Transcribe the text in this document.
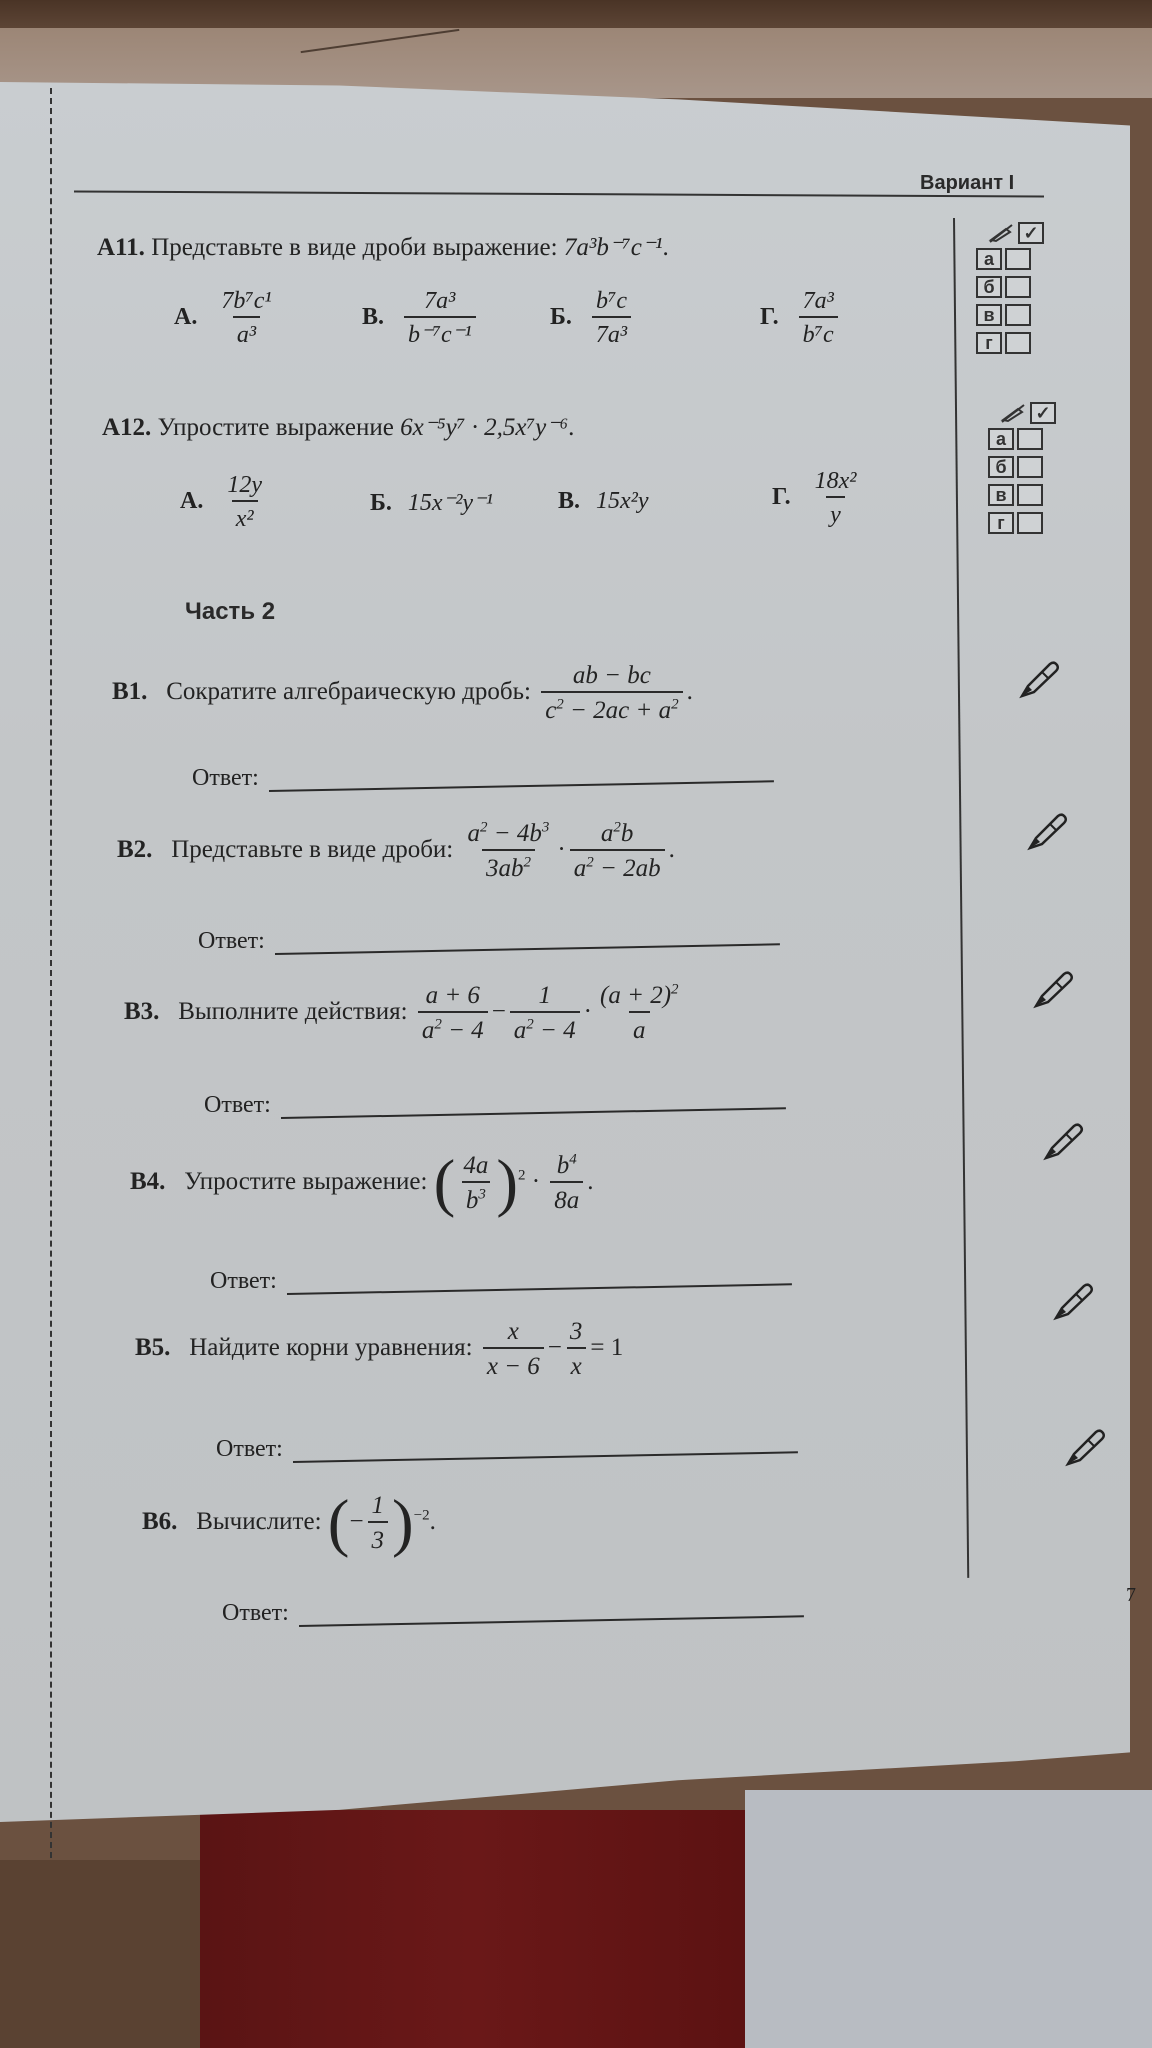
Вариант I
7
A11. Представьте в виде дроби выражение: 7a³b⁻⁷c⁻¹.
А. $\frac{\text{7b⁷c¹}}{\text{a³}}$	В. $\frac{\text{7a³}}{\text{b⁻⁷c⁻¹}}$	Б. $\frac{\text{b⁷c}}{\text{7a³}}$	Г. $\frac{\text{7a³}}{\text{b⁷c}}$
A12. Упростите выражение 6x⁻⁵y⁷ · 2,5x⁷y⁻⁶.
А. $\frac{12y}{\text{x²}}$	Б. 15x⁻²y⁻¹	В. 15x²y	Г. $\frac{\text{18x²}}{y}$
Часть 2
B1. Сократите алгебраическую дробь: $\frac{ab - bc}{c^2 - 2ac + a^2}$ .
Ответ:
B2. Представьте в виде дроби: $\frac{a^2 - 4b^3}{3ab^2} \cdot \frac{a^2b}{a^2 - 2ab}$ .
Ответ:
B3. Выполните действия: $\frac{a + 6}{a^2 - 4} - \frac{1}{a^2 - 4} \cdot \frac{(a + 2)^2}{a}$
Ответ:
B4. Упростите выражение: ( $\frac{4a}{b^3} )^2 \cdot \frac{b^4}{8a}$ .
Ответ:
B5. Найдите корни уравнения: $\frac{x}{x - 6} - \frac{3}{x} = 1$
Ответ:
B6. Вычислите: (− $\frac{1}{3} )^{-2}$.
Ответ:
✓
а
б
в
г
✓
а
б
в
г
